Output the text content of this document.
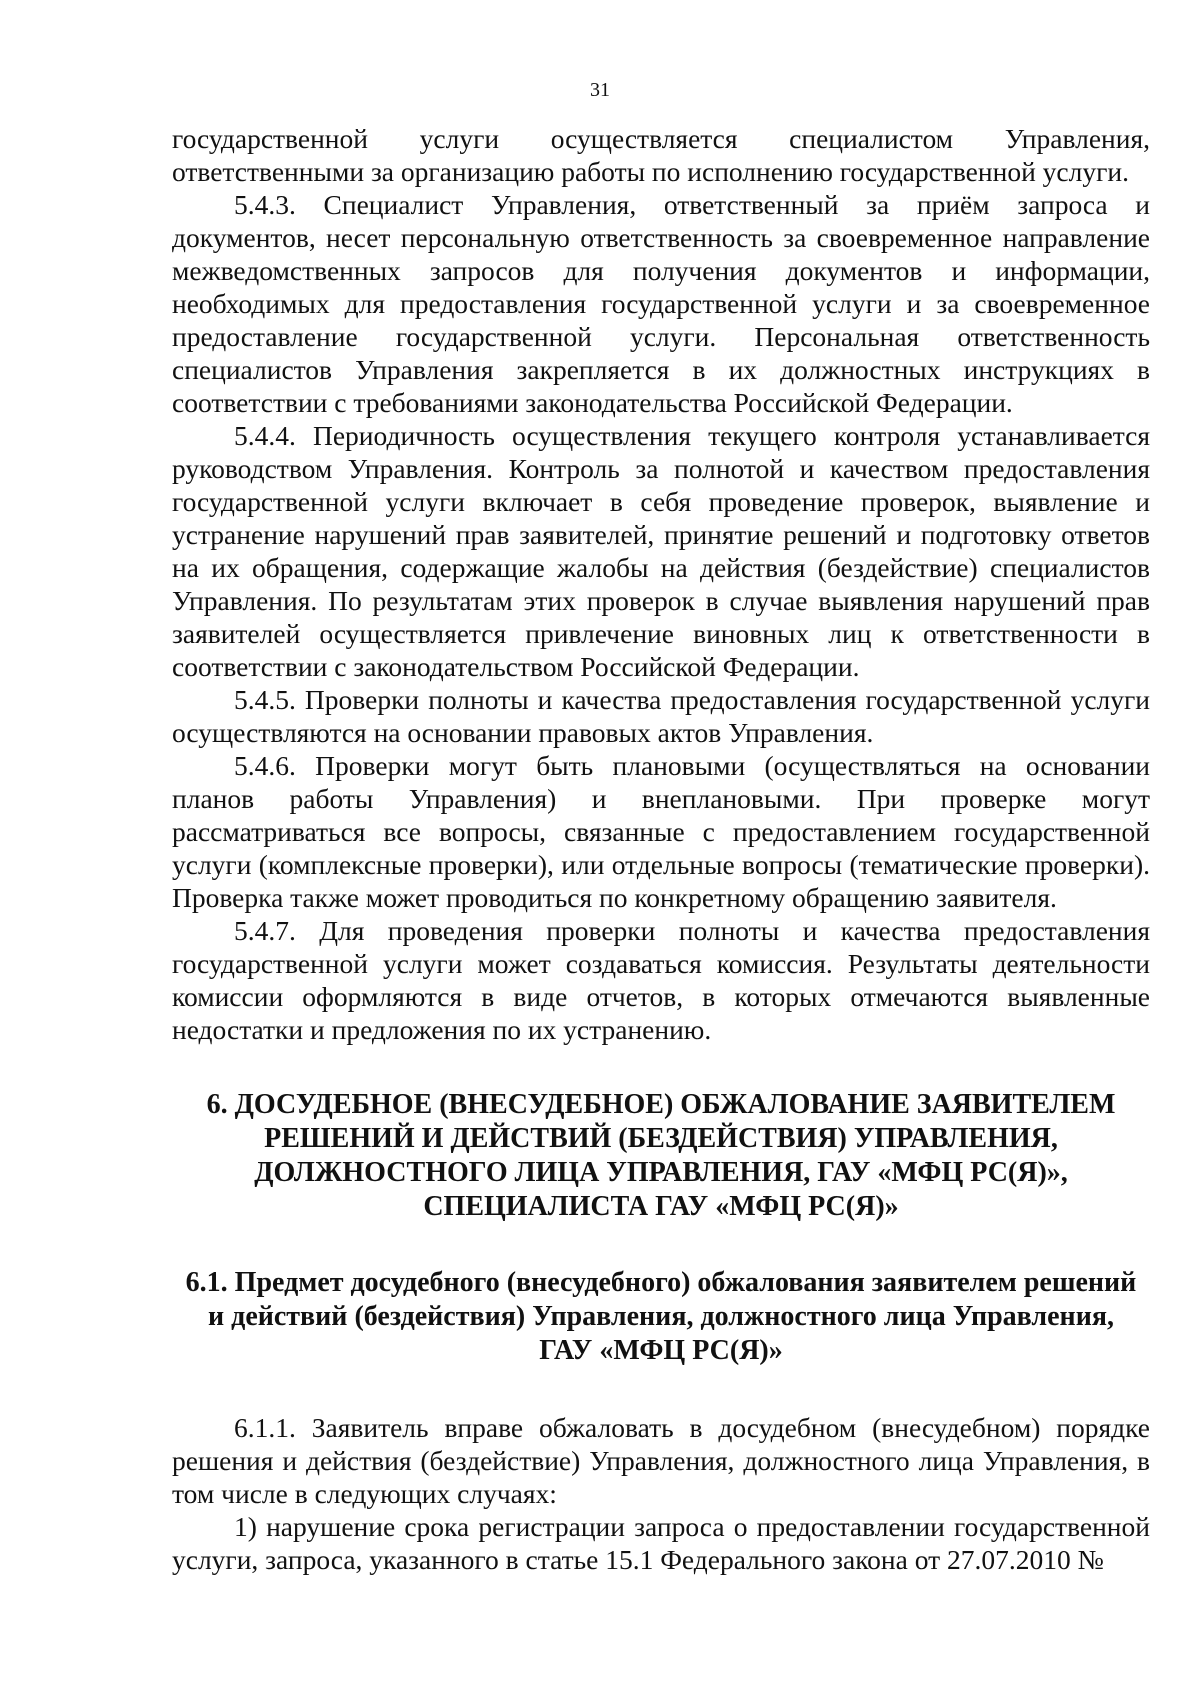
31

государственной услуги осуществляется специалистом Управления, ответственными за организацию работы по исполнению государственной услуги.

5.4.3. Специалист Управления, ответственный за приём запроса и документов, несет персональную ответственность за своевременное направление межведомственных запросов для получения документов и информации, необходимых для предоставления государственной услуги и за своевременное предоставление государственной услуги. Персональная ответственность специалистов Управления закрепляется в их должностных инструкциях в соответствии с требованиями законодательства Российской Федерации.

5.4.4. Периодичность осуществления текущего контроля устанавливается руководством Управления. Контроль за полнотой и качеством предоставления государственной услуги включает в себя проведение проверок, выявление и устранение нарушений прав заявителей, принятие решений и подготовку ответов на их обращения, содержащие жалобы на действия (бездействие) специалистов Управления. По результатам этих проверок в случае выявления нарушений прав заявителей осуществляется привлечение виновных лиц к ответственности в соответствии с законодательством Российской Федерации.

5.4.5. Проверки полноты и качества предоставления государственной услуги осуществляются на основании правовых актов Управления.

5.4.6. Проверки могут быть плановыми (осуществляться на основании планов работы Управления) и внеплановыми. При проверке могут рассматриваться все вопросы, связанные с предоставлением государственной услуги (комплексные проверки), или отдельные вопросы (тематические проверки). Проверка также может проводиться по конкретному обращению заявителя.

5.4.7. Для проведения проверки полноты и качества предоставления государственной услуги может создаваться комиссия. Результаты деятельности комиссии оформляются в виде отчетов, в которых отмечаются выявленные недостатки и предложения по их устранению.

6. ДОСУДЕБНОЕ (ВНЕСУДЕБНОЕ) ОБЖАЛОВАНИЕ ЗАЯВИТЕЛЕМ
РЕШЕНИЙ И ДЕЙСТВИЙ (БЕЗДЕЙСТВИЯ) УПРАВЛЕНИЯ,
ДОЛЖНОСТНОГО ЛИЦА УПРАВЛЕНИЯ, ГАУ «МФЦ РС(Я)»,
СПЕЦИАЛИСТА ГАУ «МФЦ РС(Я)»
6.1. Предмет досудебного (внесудебного) обжалования заявителем решений
и действий (бездействия) Управления, должностного лица Управления,
ГАУ «МФЦ РС(Я)»

6.1.1. Заявитель вправе обжаловать в досудебном (внесудебном) порядке решения и действия (бездействие) Управления, должностного лица Управления, в том числе в следующих случаях:

1) нарушение срока регистрации запроса о предоставлении государственной услуги, запроса, указанного в статье 15.1 Федерального закона от 27.07.2010 №
